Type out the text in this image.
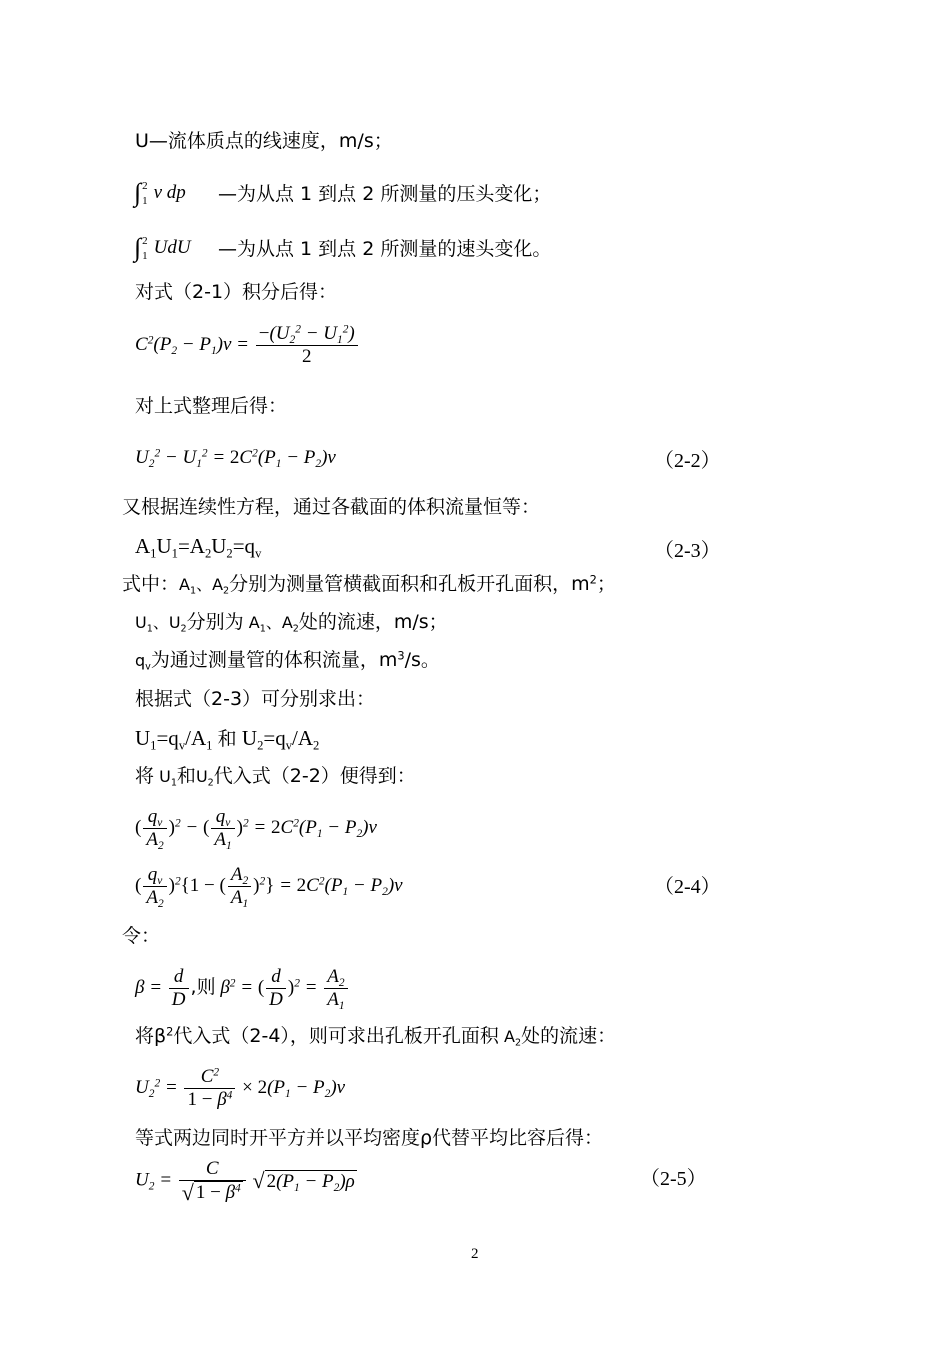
U—流体质点的线速度，m/s；
∫ 2
1 ν dp —为从点 1 到点 2 所测量的压头变化；
∫ 2
1 UdU —为从点 1 到点 2 所测量的速头变化。
对式（2-1）积分后得：
$C^2(P_2 - P_1)\nu = \frac{-(U_2^2 - U_1^2)}{2}$
对上式整理后得：
$U_2^2 - U_1^2 = 2C^2(P_1 - P_2)\nu$	（2-2）
又根据连续性方程，通过各截面的体积流量恒等：
$A_1U_1=A_2U_2=q_v$	（2-3）
式中：$A_1$、$A_2$分别为测量管横截面积和孔板开孔面积，$m^2$；
$U_1$、$U_2$分别为 $A_1$、$A_2$处的流速，m/s；
$q_v$为通过测量管的体积流量，$m^3/s$。
根据式（2-3）可分别求出：
$U_1=q_v/A_1$ 和 $U_2=q_v/A_2$
将 $U_1$和$U_2$代入式（2-2）便得到：
( $\frac{q_v}{A_2} )^2$ − ( $\frac{q_v}{A_1} )^2 = 2C^2(P_1 - P_2)\nu$
( $\frac{q_v}{A_2} )^2\{1$ − ( $\frac{A_2}{A_1} )^2\} = 2C^2(P_1 - P_2)\nu$	（2-4）
令：
$\beta = \frac{d}{D}$ ,则 $\beta^2$ = ( $\frac{d}{D} )^2 = \frac{A_2}{A_1}$
将$\beta^2$代入式（2-4），则可求出孔板开孔面积 $A_2$处的流速：
$U_2^2 = \frac{C^2}{1 - \beta^4} \times 2(P_1 - P_2)\nu$
等式两边同时开平方并以平均密度ρ代替平均比容后得：
$U_2 = \frac{C}{√ 1 - \beta^4}$ √ $2(P_1 - P_2)\rho$	（2-5）
2
